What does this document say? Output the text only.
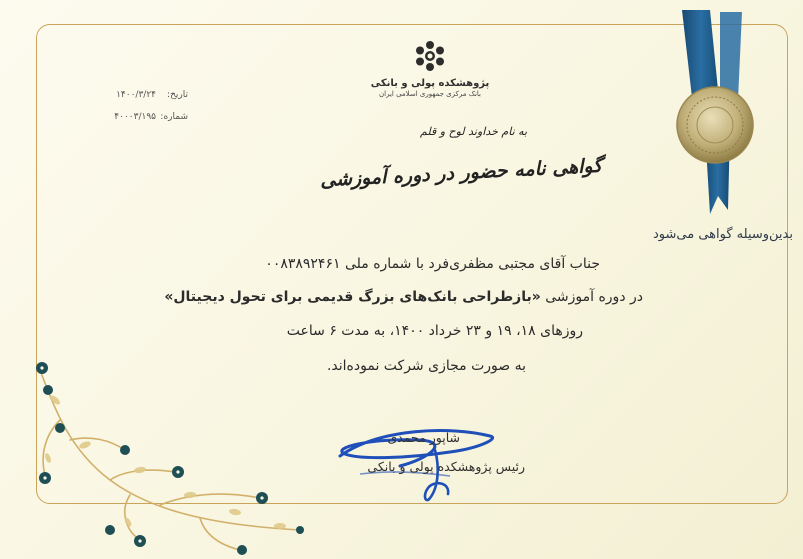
پژوهشکده پولی و بانکی
بانک مرکزی جمهوری اسلامی ایران
تاریخ:
۱۴۰۰/۳/۲۴
شماره:
۴۰۰۰۳/۱۹۵
به نام خداوند لوح و قلم
گواهی نامه حضور در دوره آموزشی
بدین‌وسیله گواهی می‌شود
جناب آقای مجتبی مظفری‌فرد با شماره ملی ۰۰۸۳۸۹۲۴۶۱
در دوره آموزشی «بازطراحی بانک‌های بزرگ قدیمی برای تحول دیجیتال»
روزهای ۱۸، ۱۹ و ۲۳ خرداد ۱۴۰۰، به مدت ۶ ساعت
به صورت مجازی شرکت نموده‌اند.
شاپور محمدی
رئیس پژوهشکده پولی و بانکی
